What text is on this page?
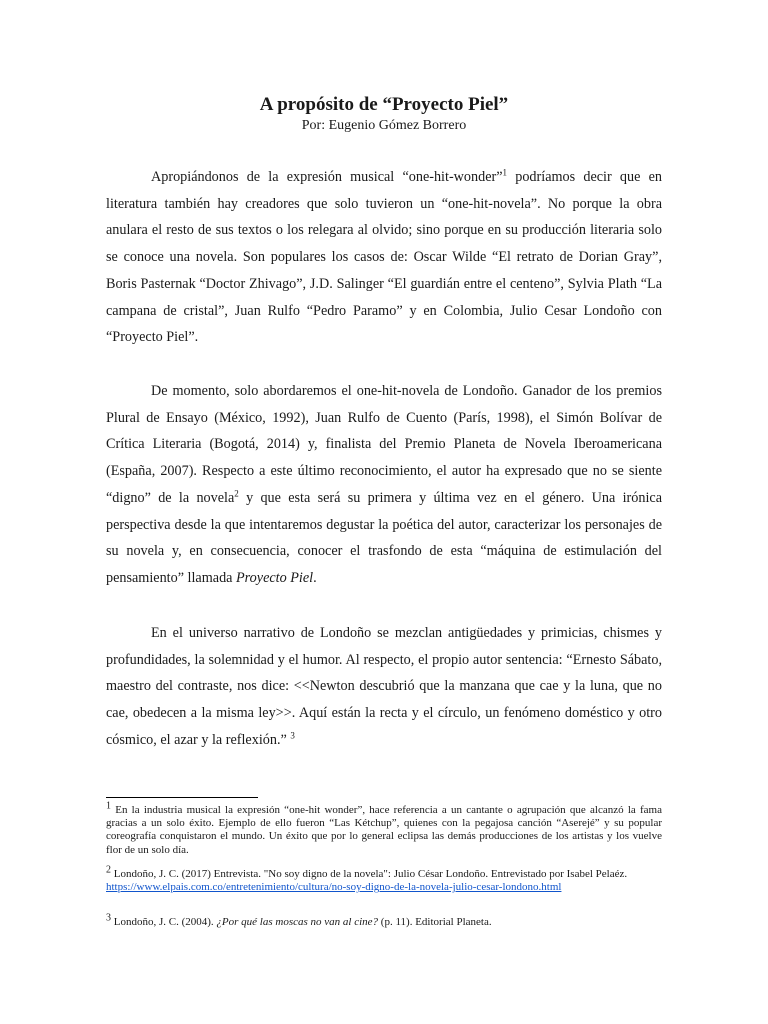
A propósito de “Proyecto Piel”
Por: Eugenio Gómez Borrero

Apropiándonos de la expresión musical “one-hit-wonder”$^1$ podríamos decir que en literatura también hay creadores que solo tuvieron un “one-hit-novela”. No porque la obra anulara el resto de sus textos o los relegara al olvido; sino porque en su producción literaria solo se conoce una novela. Son populares los casos de: Oscar Wilde “El retrato de Dorian Gray”, Boris Pasternak “Doctor Zhivago”, J.D. Salinger “El guardián entre el centeno”, Sylvia Plath “La campana de cristal”, Juan Rulfo “Pedro Paramo” y en Colombia, Julio Cesar Londoño con “Proyecto Piel”.

De momento, solo abordaremos el one-hit-novela de Londoño. Ganador de los premios Plural de Ensayo (México, 1992), Juan Rulfo de Cuento (París, 1998), el Simón Bolívar de Crítica Literaria (Bogotá, 2014) y, finalista del Premio Planeta de Novela Iberoamericana (España, 2007). Respecto a este último reconocimiento, el autor ha expresado que no se siente “digno” de la novela$^2$ y que esta será su primera y última vez en el género. Una irónica perspectiva desde la que intentaremos degustar la poética del autor, caracterizar los personajes de su novela y, en consecuencia, conocer el trasfondo de esta “máquina de estimulación del pensamiento” llamada Proyecto Piel.

En el universo narrativo de Londoño se mezclan antigüedades y primicias, chismes y profundidades, la solemnidad y el humor. Al respecto, el propio autor sentencia: “Ernesto Sábato, maestro del contraste, nos dice: <<Newton descubrió que la manzana que cae y la luna, que no cae, obedecen a la misma ley>>. Aquí están la recta y el círculo, un fenómeno doméstico y otro cósmico, el azar y la reflexión.” $^3$

1 En la industria musical la expresión “one-hit wonder”, hace referencia a un cantante o agrupación que alcanzó la fama gracias a un solo éxito. Ejemplo de ello fueron “Las Kétchup”, quienes con la pegajosa canción “Aserejé” y su popular coreografía conquistaron el mundo. Un éxito que por lo general eclipsa las demás producciones de los artistas y los vuelve flor de un solo día.

2 Londoño, J. C. (2017) Entrevista. "No soy digno de la novela": Julio César Londoño. Entrevistado por Isabel Pelaéz. https://www.elpais.com.co/entretenimiento/cultura/no-soy-digno-de-la-novela-julio-cesar-londono.html

3 Londoño, J. C. (2004). ¿Por qué las moscas no van al cine? (p. 11). Editorial Planeta.
